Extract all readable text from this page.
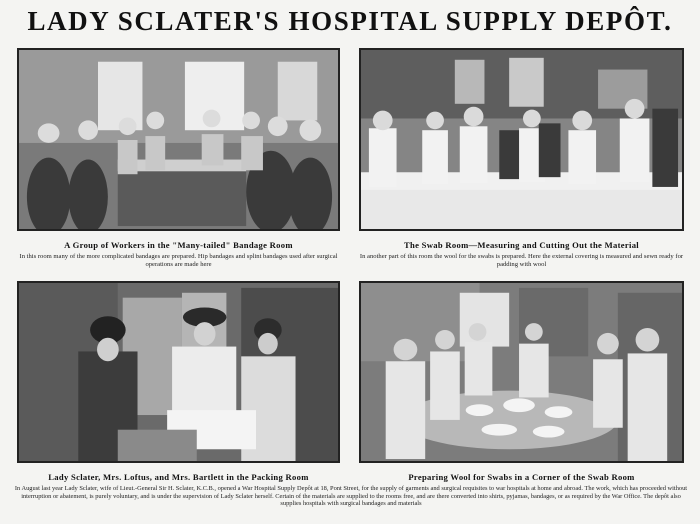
LADY SCLATER'S HOSPITAL SUPPLY DEPÔT.
A Group of Workers in the "Many-tailed" Bandage Room
In this room many of the more complicated bandages are prepared. Hip bandages and splint bandages used after surgical operations are made here
The Swab Room—Measuring and Cutting Out the Material
In another part of this room the wool for the swabs is prepared. Here the external covering is measured and sewn ready for padding with wool
Lady Sclater, Mrs. Loftus, and Mrs. Bartlett in the Packing Room	Preparing Wool for Swabs in a Corner of the Swab Room
In August last year Lady Sclater, wife of Lieut.-General Sir H. Sclater, K.C.B., opened a War Hospital Supply Depôt at 18, Pont Street, for the supply of garments and surgical requisites to war hospitals at home and abroad. The work, which has proceeded without interruption or abatement, is purely voluntary, and is under the supervision of Lady Sclater herself. Certain of the materials are supplied to the rooms free, and are there converted into shirts, pyjamas, bandages, or as required by the War Office. The depôt also supplies hospitals with surgical bandages and materials
